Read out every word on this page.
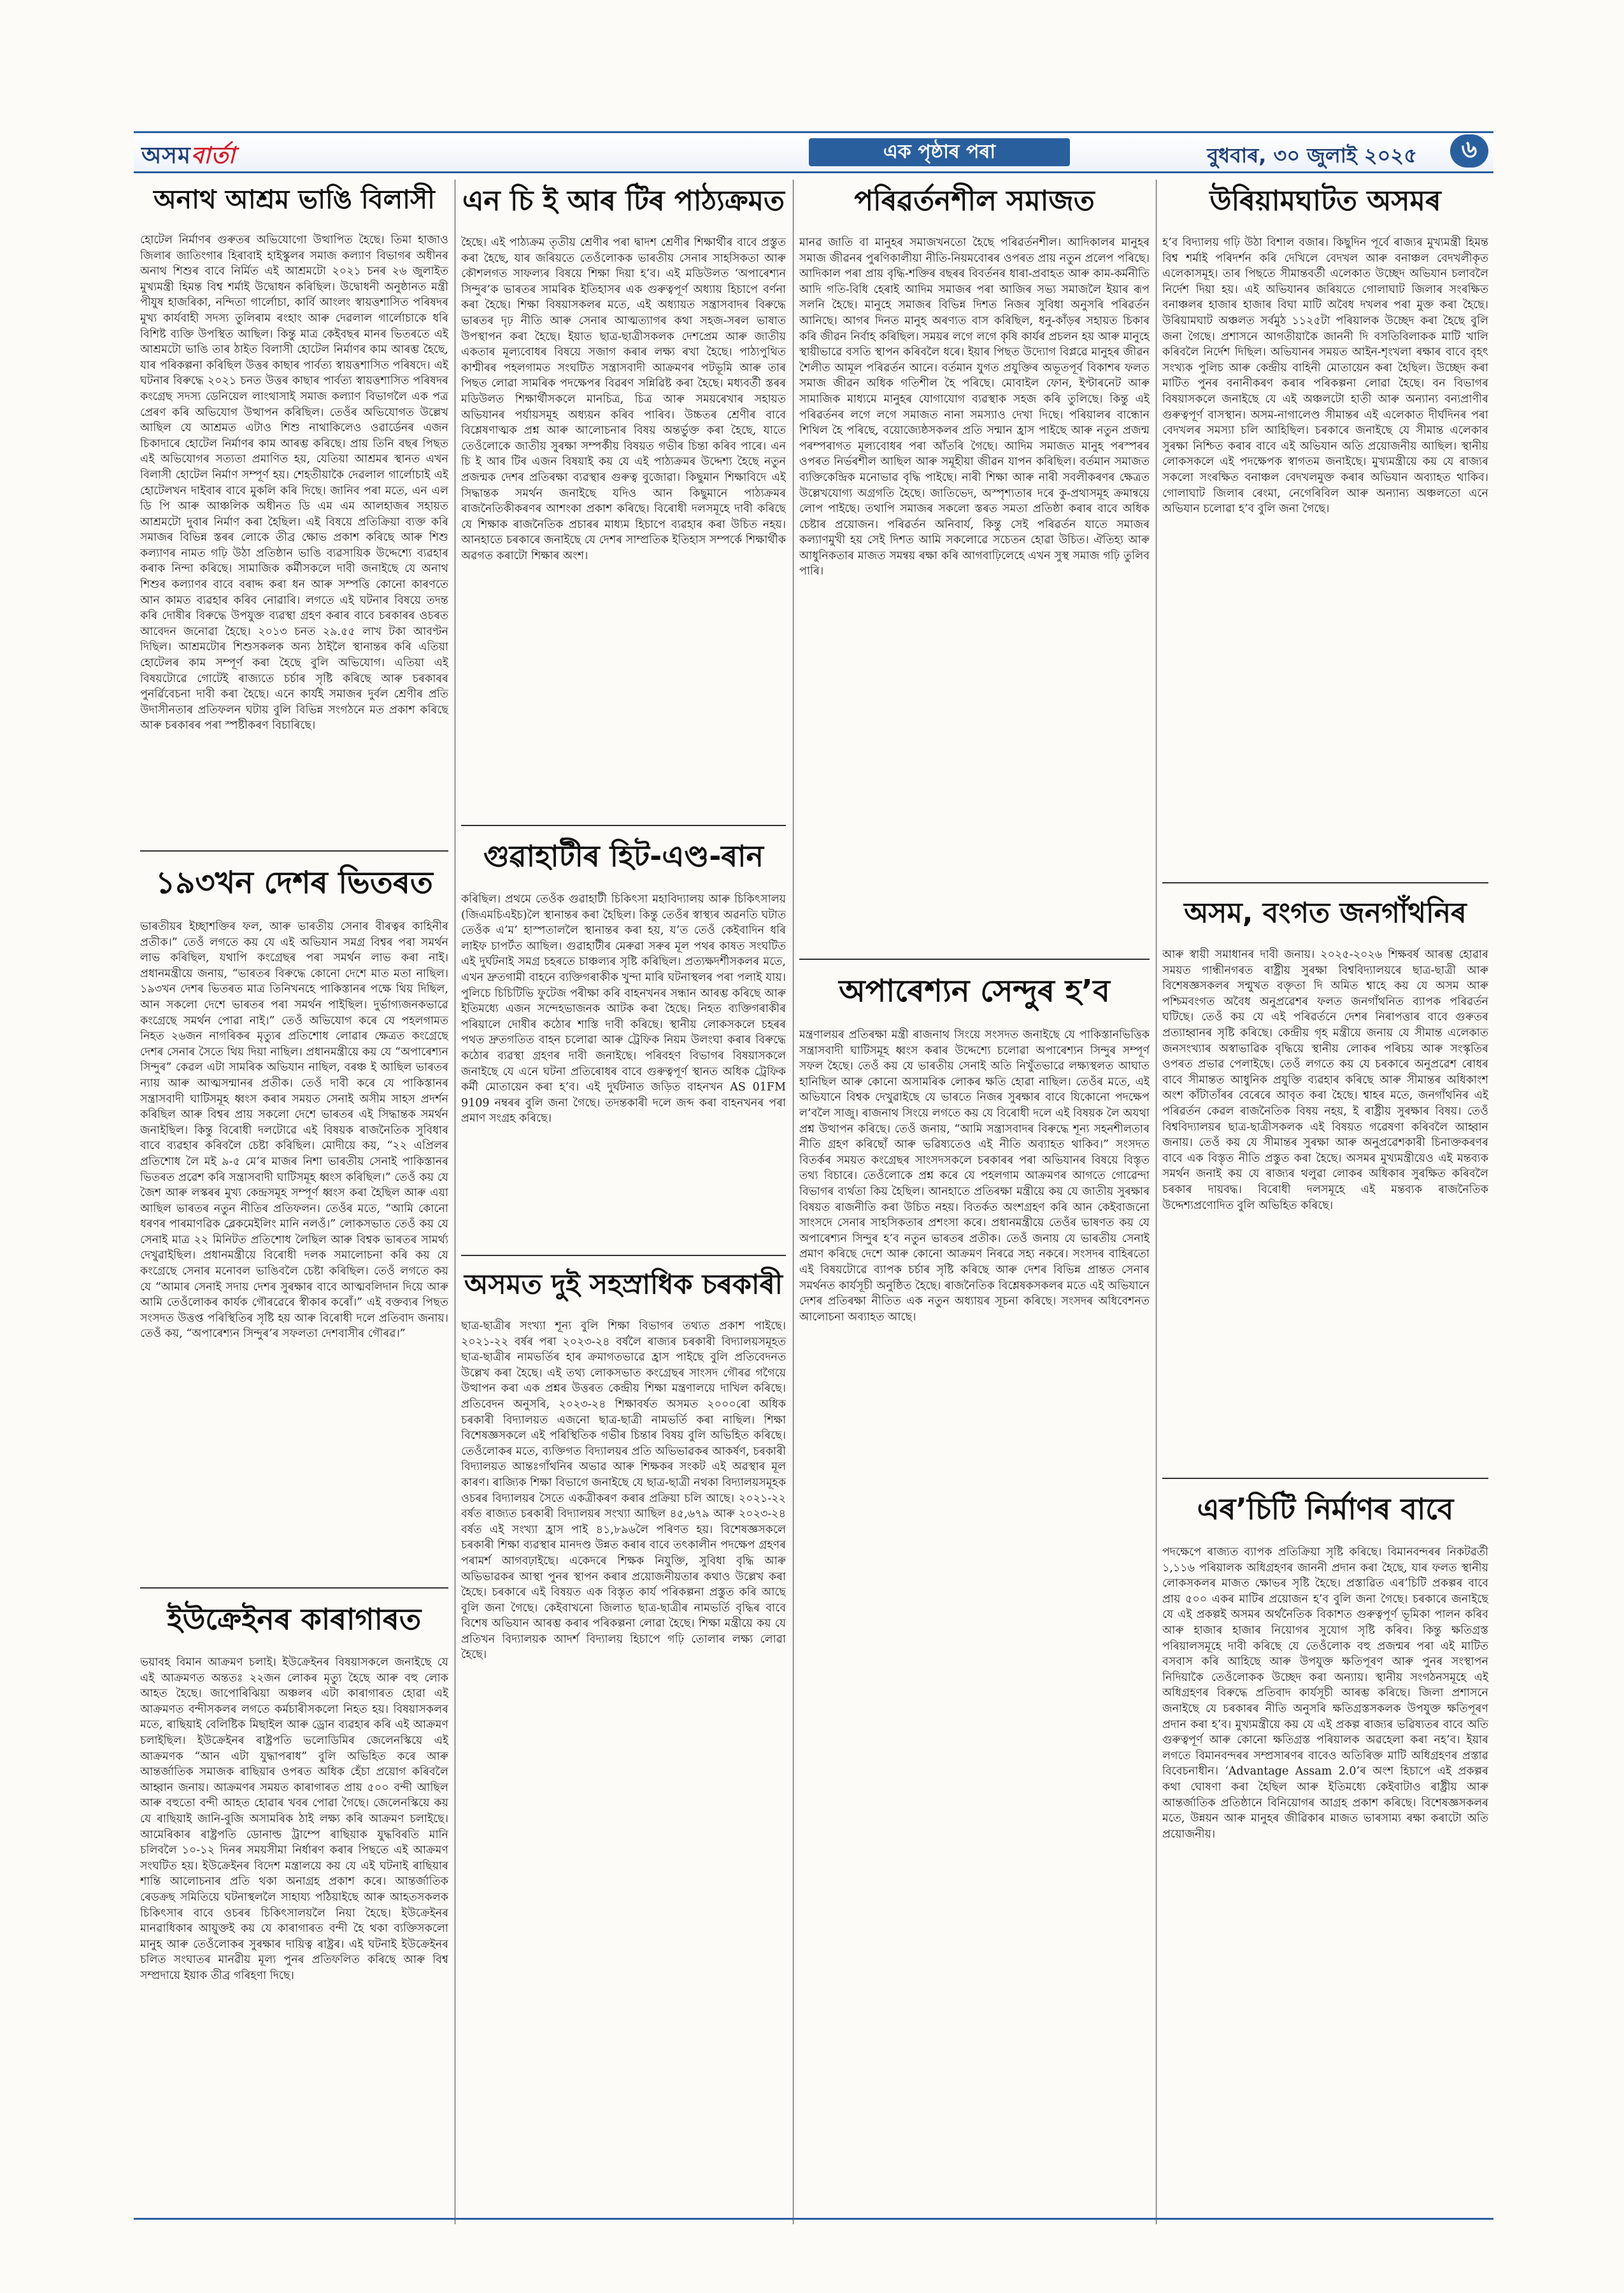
অসমবার্তা	এক পৃষ্ঠাৰ পৰা	বুধবাৰ, ৩০ জুলাই ২০২৫	৬
অনাথ আশ্ৰম ভাঙি বিলাসী
হোটেল নিৰ্মাণৰ গুৰুতৰ অভিযোগো উত্থাপিত হৈছে। তিমা হাজাও জিলাৰ জাতিংগাৰ হিৰাবাই হাইস্কুলৰ সমাজ কল্যাণ বিভাগৰ অধীনৰ অনাথ শিশুৰ বাবে নিৰ্মিত এই আশ্ৰমটো ২০২১ চনৰ ২৬ জুলাইত মুখ্যমন্ত্ৰী হিমন্ত বিশ্ব শৰ্মাই উদ্বোধন কৰিছিল। উদ্বোধনী অনুষ্ঠানত মন্ত্ৰী পীযুষ হাজৰিকা, নন্দিতা গাৰ্লোচা, কাৰ্বি আংলং স্বায়ত্তশাসিত পৰিষদৰ মুখ্য কাৰ্যবাহী সদস্য তুলিৰাম ৰংহাং আৰু দেৱলাল গাৰ্লোচাকে ধৰি বিশিষ্ট ব্যক্তি উপস্থিত আছিল। কিন্তু মাত্ৰ কেইবছৰ মানৰ ভিতৰতে এই আশ্ৰমটো ভাঙি তাৰ ঠাইত বিলাসী হোটেল নিৰ্মাণৰ কাম আৰম্ভ হৈছে, যাৰ পৰিকল্পনা কৰিছিল উত্তৰ কাছাৰ পাৰ্বত্য স্বায়ত্তশাসিত পৰিষদে। এই ঘটনাৰ বিৰুদ্ধে ২০২১ চনত উত্তৰ কাছাৰ পাৰ্বত্য স্বায়ত্তশাসিত পৰিষদৰ কংগ্ৰেছ সদস্য ডেনিয়েল লাংথাসাই সমাজ কল্যাণ বিভাগলৈ এক পত্ৰ প্ৰেৰণ কৰি অভিযোগ উত্থাপন কৰিছিল। তেওঁৰ অভিযোগত উল্লেখ আছিল যে আশ্ৰমত এটাও শিশু নাথাকিলেও ওৱাৰ্ডেনৰ এজন চিকাদাৰে হোটেল নিৰ্মাণৰ কাম আৰম্ভ কৰিছে। প্ৰায় তিনি বছৰ পিছত এই অভিযোগৰ সত্যতা প্ৰমাণিত হয়, যেতিয়া আশ্ৰমৰ স্থানত এখন বিলাসী হোটেল নিৰ্মাণ সম্পূৰ্ণ হয়। শেহতীয়াকৈ দেৱলাল গাৰ্লোচাই এই হোটেলখন দাইবাৰ বাবে মুকলি কৰি দিছে। জানিব পৰা মতে, এন এল ডি পি আৰু আঞ্চলিক অধীনত ডি এম এম আলহাজৰ সহায়ত আশ্ৰমটো দুবাৰ নিৰ্মাণ কৰা হৈছিল। এই বিষয়ে প্ৰতিক্ৰিয়া ব্যক্ত কৰি সমাজৰ বিভিন্ন স্তৰৰ লোকে তীব্ৰ ক্ষোভ প্ৰকাশ কৰিছে আৰু শিশু কল্যাণৰ নামত গঢ়ি উঠা প্ৰতিষ্ঠান ভাঙি ব্যৱসায়িক উদ্দেশ্যে ব্যৱহাৰ কৰাক নিন্দা কৰিছে। সামাজিক কৰ্মীসকলে দাবী জনাইছে যে অনাথ শিশুৰ কল্যাণৰ বাবে বৰাদ্দ কৰা ধন আৰু সম্পত্তি কোনো কাৰণতে আন কামত ব্যৱহাৰ কৰিব নোৱাৰি। লগতে এই ঘটনাৰ বিষয়ে তদন্ত কৰি দোষীৰ বিৰুদ্ধে উপযুক্ত ব্যৱস্থা গ্ৰহণ কৰাৰ বাবে চৰকাৰৰ ওচৰত আবেদন জনোৱা হৈছে। ২০১৩ চনত ২৯.৫৫ লাখ টকা আবণ্টন দিছিল। আশ্ৰমটোৰ শিশুসকলক অন্য ঠাইলৈ স্থানান্তৰ কৰি এতিয়া হোটেলৰ কাম সম্পূৰ্ণ কৰা হৈছে বুলি অভিযোগ। এতিয়া এই বিষয়টোৱে গোটেই ৰাজ্যতে চৰ্চাৰ সৃষ্টি কৰিছে আৰু চৰকাৰৰ পুনৰ্ৱিবেচনা দাবী কৰা হৈছে। এনে কাৰ্যই সমাজৰ দুৰ্বল শ্ৰেণীৰ প্ৰতি উদাসীনতাৰ প্ৰতিফলন ঘটায় বুলি বিভিন্ন সংগঠনে মত প্ৰকাশ কৰিছে আৰু চৰকাৰৰ পৰা স্পষ্টীকৰণ বিচাৰিছে।
১৯৩খন দেশৰ ভিতৰত
ভাৰতীয়ৰ ইচ্ছাশক্তিৰ ফল, আৰু ভাৰতীয় সেনাৰ বীৰত্বৰ কাহিনীৰ প্ৰতীক।” তেওঁ লগতে কয় যে এই অভিযান সমগ্ৰ বিশ্বৰ পৰা সমৰ্থন লাভ কৰিছিল, যথাপি কংগ্ৰেছৰ পৰা সমৰ্থন লাভ কৰা নাই। প্ৰধানমন্ত্ৰীয়ে জনায়, “ভাৰতৰ বিৰুদ্ধে কোনো দেশে মাত মতা নাছিল। ১৯৩খন দেশৰ ভিতৰত মাত্ৰ তিনিখনহে পাকিস্তানৰ পক্ষে থিয় দিছিল, আন সকলো দেশে ভাৰতৰ পৰা সমৰ্থন পাইছিল। দুৰ্ভাগ্যজনকভাৱে কংগ্ৰেছে সমৰ্থন পোৱা নাই।” তেওঁ অভিযোগ কৰে যে পহলগামত নিহত ২৬জন নাগৰিকৰ মৃত্যুৰ প্ৰতিশোধ লোৱাৰ ক্ষেত্ৰত কংগ্ৰেছে দেশৰ সেনাৰ সৈতে থিয় দিয়া নাছিল। প্ৰধানমন্ত্ৰীয়ে কয় যে “অপাৰেশ্যন সিন্দুৰ” কেৱল এটা সামৰিক অভিযান নাছিল, বৰঞ্চ ই আছিল ভাৰতৰ ন্যায় আৰু আত্মসন্মানৰ প্ৰতীক। তেওঁ দাবী কৰে যে পাকিস্তানৰ সন্ত্ৰাসবাদী ঘাটিসমূহ ধ্বংস কৰাৰ সময়ত সেনাই অসীম সাহস প্ৰদৰ্শন কৰিছিল আৰু বিশ্বৰ প্ৰায় সকলো দেশে ভাৰতৰ এই সিদ্ধান্তক সমৰ্থন জনাইছিল। কিন্তু বিৰোধী দলটোৱে এই বিষয়ক ৰাজনৈতিক সুবিধাৰ বাবে ব্যৱহাৰ কৰিবলৈ চেষ্টা কৰিছিল। মোদীয়ে কয়, “২২ এপ্ৰিলৰ প্ৰতিশোধ লৈ মই ৯-৫ মে’ৰ মাজৰ নিশা ভাৰতীয় সেনাই পাকিস্তানৰ ভিতৰত প্ৰৱেশ কৰি সন্ত্ৰাসবাদী ঘাটিসমূহ ধ্বংস কৰিছিল।” তেওঁ কয় যে জৈশ আৰু লস্কৰৰ মুখ্য কেন্দ্ৰসমূহ সম্পূৰ্ণ ধ্বংস কৰা হৈছিল আৰু এয়া আছিল ভাৰতৰ নতুন নীতিৰ প্ৰতিফলন। তেওঁৰ মতে, “আমি কোনো ধৰণৰ পাৰমাণৱিক ব্লেকমেইলিং মানি নলওঁ।” লোকসভাত তেওঁ কয় যে সেনাই মাত্ৰ ২২ মিনিটত প্ৰতিশোধ লৈছিল আৰু বিশ্বক ভাৰতৰ সামৰ্থ্য দেখুৱাইছিল। প্ৰধানমন্ত্ৰীয়ে বিৰোধী দলক সমালোচনা কৰি কয় যে কংগ্ৰেছে সেনাৰ মনোবল ভাঙিবলৈ চেষ্টা কৰিছিল। তেওঁ লগতে কয় যে “আমাৰ সেনাই সদায় দেশৰ সুৰক্ষাৰ বাবে আত্মবলিদান দিয়ে আৰু আমি তেওঁলোকৰ কাৰ্যক গৌৰৱেৰে স্বীকাৰ কৰোঁ।” এই বক্তব্যৰ পিছত সংসদত উত্তপ্ত পৰিস্থিতিৰ সৃষ্টি হয় আৰু বিৰোধী দলে প্ৰতিবাদ জনায়। তেওঁ কয়, “অপাৰেশ্যন সিন্দুৰ’ৰ সফলতা দেশবাসীৰ গৌৰৱ।”
ইউক্ৰেইনৰ কাৰাগাৰত
ভয়াবহ বিমান আক্ৰমণ চলাই। ইউক্ৰেইনৰ বিষয়াসকলে জনাইছে যে এই আক্ৰমণত অন্ততঃ ২২জন লোকৰ মৃত্যু হৈছে আৰু বহু লোক আহত হৈছে। জাপোৰিঝিয়া অঞ্চলৰ এটা কাৰাগাৰত হোৱা এই আক্ৰমণত বন্দীসকলৰ লগতে কৰ্মচাৰীসকলো নিহত হয়। বিষয়াসকলৰ মতে, ৰাছিয়াই বেলিষ্টিক মিছাইল আৰু ড্ৰোন ব্যৱহাৰ কৰি এই আক্ৰমণ চলাইছিল। ইউক্ৰেইনৰ ৰাষ্ট্ৰপতি ভলোডিমিৰ জেলেনস্কিয়ে এই আক্ৰমণক “আন এটা যুদ্ধাপৰাধ” বুলি অভিহিত কৰে আৰু আন্তৰ্জাতিক সমাজক ৰাছিয়াৰ ওপৰত অধিক হেঁচা প্ৰয়োগ কৰিবলৈ আহ্বান জনায়। আক্ৰমণৰ সময়ত কাৰাগাৰত প্ৰায় ৫০০ বন্দী আছিল আৰু বহুতো বন্দী আহত হোৱাৰ খবৰ পোৱা গৈছে। জেলেনস্কিয়ে কয় যে ৰাছিয়াই জানি-বুজি অসামৰিক ঠাই লক্ষ্য কৰি আক্ৰমণ চলাইছে। আমেৰিকাৰ ৰাষ্ট্ৰপতি ডোনাল্ড ট্ৰাম্পে ৰাছিয়াক যুদ্ধবিৰতি মানি চলিবলৈ ১০-১২ দিনৰ সময়সীমা নিৰ্ধাৰণ কৰাৰ পিছতে এই আক্ৰমণ সংঘটিত হয়। ইউক্ৰেইনৰ বিদেশ মন্ত্ৰালয়ে কয় যে এই ঘটনাই ৰাছিয়াৰ শান্তি আলোচনাৰ প্ৰতি থকা অনাগ্ৰহ প্ৰকাশ কৰে। আন্তৰ্জাতিক ৰেডক্ৰছ সমিতিয়ে ঘটনাস্থললৈ সাহায্য পঠিয়াইছে আৰু আহতসকলক চিকিৎসাৰ বাবে ওচৰৰ চিকিৎসালয়লৈ নিয়া হৈছে। ইউক্ৰেইনৰ মানৱাধিকাৰ আয়ুক্তই কয় যে কাৰাগাৰত বন্দী হৈ থকা ব্যক্তিসকলো মানুহ আৰু তেওঁলোকৰ সুৰক্ষাৰ দায়িত্ব ৰাষ্ট্ৰৰ। এই ঘটনাই ইউক্ৰেইনৰ চলিত সংঘাতৰ মানৱীয় মূল্য পুনৰ প্ৰতিফলিত কৰিছে আৰু বিশ্ব সম্প্ৰদায়ে ইয়াক তীব্ৰ গৰিহণা দিছে।
এন চি ই আৰ টিৰ পাঠ্যক্ৰমত
হৈছে। এই পাঠ্যক্ৰম তৃতীয় শ্ৰেণীৰ পৰা দ্বাদশ শ্ৰেণীৰ শিক্ষাৰ্থীৰ বাবে প্ৰস্তুত কৰা হৈছে, যাৰ জৰিয়তে তেওঁলোকক ভাৰতীয় সেনাৰ সাহসিকতা আৰু কৌশলগত সাফল্যৰ বিষয়ে শিক্ষা দিয়া হ’ব। এই মডিউলত ‘অপাৰেশ্যন সিন্দুৰ’ক ভাৰতৰ সামৰিক ইতিহাসৰ এক গুৰুত্বপূৰ্ণ অধ্যায় হিচাপে বৰ্ণনা কৰা হৈছে। শিক্ষা বিষয়াসকলৰ মতে, এই অধ্যায়ত সন্ত্ৰাসবাদৰ বিৰুদ্ধে ভাৰতৰ দৃঢ় নীতি আৰু সেনাৰ আত্মত্যাগৰ কথা সহজ-সৰল ভাষাত উপস্থাপন কৰা হৈছে। ইয়াত ছাত্ৰ-ছাত্ৰীসকলক দেশপ্ৰেম আৰু জাতীয় একতাৰ মূল্যবোধৰ বিষয়ে সজাগ কৰাৰ লক্ষ্য ৰখা হৈছে। পাঠ্যপুথিত কাশ্মীৰৰ পহলগামত সংঘটিত সন্ত্ৰাসবাদী আক্ৰমণৰ পটভূমি আৰু তাৰ পিছত লোৱা সামৰিক পদক্ষেপৰ বিৱৰণ সন্নিৱিষ্ট কৰা হৈছে। মধ্যবৰ্তী স্তৰৰ মডিউলত শিক্ষাৰ্থীসকলে মানচিত্ৰ, চিত্ৰ আৰু সময়ৰেখাৰ সহায়ত অভিযানৰ পৰ্যায়সমূহ অধ্যয়ন কৰিব পাৰিব। উচ্চতৰ শ্ৰেণীৰ বাবে বিশ্লেষণাত্মক প্ৰশ্ন আৰু আলোচনাৰ বিষয় অন্তৰ্ভুক্ত কৰা হৈছে, যাতে তেওঁলোকে জাতীয় সুৰক্ষা সম্পৰ্কীয় বিষয়ত গভীৰ চিন্তা কৰিব পাৰে। এন চি ই আৰ টিৰ এজন বিষয়াই কয় যে এই পাঠ্যক্ৰমৰ উদ্দেশ্য হৈছে নতুন প্ৰজন্মক দেশৰ প্ৰতিৰক্ষা ব্যৱস্থাৰ গুৰুত্ব বুজোৱা। কিছুমান শিক্ষাবিদে এই সিদ্ধান্তক সমৰ্থন জনাইছে যদিও আন কিছুমানে পাঠ্যক্ৰমৰ ৰাজনৈতিকীকৰণৰ আশংকা প্ৰকাশ কৰিছে। বিৰোধী দলসমূহে দাবী কৰিছে যে শিক্ষাক ৰাজনৈতিক প্ৰচাৰৰ মাধ্যম হিচাপে ব্যৱহাৰ কৰা উচিত নহয়। আনহাতে চৰকাৰে জনাইছে যে দেশৰ সাম্প্ৰতিক ইতিহাস সম্পৰ্কে শিক্ষাৰ্থীক অৱগত কৰাটো শিক্ষাৰ অংশ।
গুৱাহাটীৰ হিট-এণ্ড-ৰান
কৰিছিল। প্ৰথমে তেওঁক গুৱাহাটী চিকিৎসা মহাবিদ্যালয় আৰু চিকিৎসালয় (জিএমচিএইচ)লৈ স্থানান্তৰ কৰা হৈছিল। কিন্তু তেওঁৰ স্বাস্থ্যৰ অৱনতি ঘটাত তেওঁক এ’ম’ হাস্পতাললৈ স্থানান্তৰ কৰা হয়, য’ত তেওঁ কেইবাদিন ধৰি লাইফ চাপৰ্টত আছিল। গুৱাহাটীৰ মেৰুৱা সৰুৰ মূল পথৰ কাষত সংঘটিত এই দুৰ্ঘটনাই সমগ্ৰ চহৰতে চাঞ্চল্যৰ সৃষ্টি কৰিছিল। প্ৰত্যক্ষদৰ্শীসকলৰ মতে, এখন দ্ৰুতগামী বাহনে ব্যক্তিগৰাকীক খুন্দা মাৰি ঘটনাস্থলৰ পৰা পলাই যায়। পুলিচে চিচিটিভি ফুটেজ পৰীক্ষা কৰি বাহনখনৰ সন্ধান আৰম্ভ কৰিছে আৰু ইতিমধ্যে এজন সন্দেহভাজনক আটক কৰা হৈছে। নিহত ব্যক্তিগৰাকীৰ পৰিয়ালে দোষীৰ কঠোৰ শাস্তি দাবী কৰিছে। স্থানীয় লোকসকলে চহৰৰ পথত দ্ৰুতগতিত বাহন চলোৱা আৰু ট্ৰেফিক নিয়ম উলংঘা কৰাৰ বিৰুদ্ধে কঠোৰ ব্যৱস্থা গ্ৰহণৰ দাবী জনাইছে। পৰিবহণ বিভাগৰ বিষয়াসকলে জনাইছে যে এনে ঘটনা প্ৰতিৰোধৰ বাবে গুৰুত্বপূৰ্ণ স্থানত অধিক ট্ৰেফিক কৰ্মী মোতায়েন কৰা হ’ব। এই দুৰ্ঘটনাত জড়িত বাহনখন AS 01FM 9109 নম্বৰৰ বুলি জনা গৈছে। তদন্তকাৰী দলে জব্দ কৰা বাহনখনৰ পৰা প্ৰমাণ সংগ্ৰহ কৰিছে।
অসমত দুই সহস্ৰাধিক চৰকাৰী
ছাত্ৰ-ছাত্ৰীৰ সংখ্যা শূন্য বুলি শিক্ষা বিভাগৰ তথ্যত প্ৰকাশ পাইছে। ২০২১-২২ বৰ্ষৰ পৰা ২০২৩-২৪ বৰ্ষলৈ ৰাজ্যৰ চৰকাৰী বিদ্যালয়সমূহত ছাত্ৰ-ছাত্ৰীৰ নামভৰ্তিৰ হাৰ ক্ৰমাগতভাৱে হ্ৰাস পাইছে বুলি প্ৰতিবেদনত উল্লেখ কৰা হৈছে। এই তথ্য লোকসভাত কংগ্ৰেছৰ সাংসদ গৌৰৱ গগৈয়ে উত্থাপন কৰা এক প্ৰশ্নৰ উত্তৰত কেন্দ্ৰীয় শিক্ষা মন্ত্ৰণালয়ে দাখিল কৰিছে। প্ৰতিবেদন অনুসৰি, ২০২৩-২৪ শিক্ষাবৰ্ষত অসমত ২০০০ৰো অধিক চৰকাৰী বিদ্যালয়ত এজনো ছাত্ৰ-ছাত্ৰী নামভৰ্তি কৰা নাছিল। শিক্ষা বিশেষজ্ঞসকলে এই পৰিস্থিতিক গভীৰ চিন্তাৰ বিষয় বুলি অভিহিত কৰিছে। তেওঁলোকৰ মতে, ব্যক্তিগত বিদ্যালয়ৰ প্ৰতি অভিভাৱকৰ আকৰ্ষণ, চৰকাৰী বিদ্যালয়ত আন্তঃগাঁথনিৰ অভাৱ আৰু শিক্ষকৰ সংকট এই অৱস্থাৰ মূল কাৰণ। ৰাজ্যিক শিক্ষা বিভাগে জনাইছে যে ছাত্ৰ-ছাত্ৰী নথকা বিদ্যালয়সমূহক ওচৰৰ বিদ্যালয়ৰ সৈতে একত্ৰীকৰণ কৰাৰ প্ৰক্ৰিয়া চলি আছে। ২০২১-২২ বৰ্ষত ৰাজ্যত চৰকাৰী বিদ্যালয়ৰ সংখ্যা আছিল ৪৫,৬৭৯ আৰু ২০২৩-২৪ বৰ্ষত এই সংখ্যা হ্ৰাস পাই ৪১,৮৯৬লৈ পৰিণত হয়। বিশেষজ্ঞসকলে চৰকাৰী শিক্ষা ব্যৱস্থাৰ মানদণ্ড উন্নত কৰাৰ বাবে তৎকালীন পদক্ষেপ গ্ৰহণৰ পৰামৰ্শ আগবঢ়াইছে। একেদৰে শিক্ষক নিযুক্তি, সুবিধা বৃদ্ধি আৰু অভিভাৱকৰ আস্থা পুনৰ স্থাপন কৰাৰ প্ৰয়োজনীয়তাৰ কথাও উল্লেখ কৰা হৈছে। চৰকাৰে এই বিষয়ত এক বিস্তৃত কাৰ্য পৰিকল্পনা প্ৰস্তুত কৰি আছে বুলি জনা গৈছে। কেইবাখনো জিলাত ছাত্ৰ-ছাত্ৰীৰ নামভৰ্তি বৃদ্ধিৰ বাবে বিশেষ অভিযান আৰম্ভ কৰাৰ পৰিকল্পনা লোৱা হৈছে। শিক্ষা মন্ত্ৰীয়ে কয় যে প্ৰতিখন বিদ্যালয়ক আদৰ্শ বিদ্যালয় হিচাপে গঢ়ি তোলাৰ লক্ষ্য লোৱা হৈছে।
পৰিৱৰ্তনশীল সমাজত
মানৱ জাতি বা মানুহৰ সমাজখনতো হৈছে পৰিৱৰ্তনশীল। আদিকালৰ মানুহৰ সমাজ জীৱনৰ পুৰণিকালীয়া নীতি-নিয়মবোৰৰ ওপৰত প্ৰায় নতুন প্ৰলেপ পৰিছে। আদিকাল পৰা প্ৰায় বৃদ্ধি-শক্তিৰ বছৰৰ বিবৰ্তনৰ ধাৰা-প্ৰবাহত আৰু কাম-কৰ্মনীতি আদি গতি-বিধি হেৰাই আদিম সমাজৰ পৰা আজিৰ সভ্য সমাজলৈ ইয়াৰ ৰূপ সলনি হৈছে। মানুহে সমাজৰ বিভিন্ন দিশত নিজৰ সুবিধা অনুসৰি পৰিৱৰ্তন আনিছে। আগৰ দিনত মানুহ অৰণ্যত বাস কৰিছিল, ধনু-কাঁড়ৰ সহায়ত চিকাৰ কৰি জীৱন নিৰ্বাহ কৰিছিল। সময়ৰ লগে লগে কৃষি কাৰ্যৰ প্ৰচলন হয় আৰু মানুহে স্থায়ীভাৱে বসতি স্থাপন কৰিবলৈ ধৰে। ইয়াৰ পিছত উদ্যোগ বিপ্লৱে মানুহৰ জীৱন শৈলীত আমূল পৰিৱৰ্তন আনে। বৰ্তমান যুগত প্ৰযুক্তিৰ অভূতপূৰ্ব বিকাশৰ ফলত সমাজ জীৱন অধিক গতিশীল হৈ পৰিছে। মোবাইল ফোন, ইণ্টাৰনেট আৰু সামাজিক মাধ্যমে মানুহৰ যোগাযোগ ব্যৱস্থাক সহজ কৰি তুলিছে। কিন্তু এই পৰিৱৰ্তনৰ লগে লগে সমাজত নানা সমস্যাও দেখা দিছে। পৰিয়ালৰ বান্ধোন শিথিল হৈ পৰিছে, বয়োজ্যেষ্ঠসকলৰ প্ৰতি সন্মান হ্ৰাস পাইছে আৰু নতুন প্ৰজন্ম পৰম্পৰাগত মূল্যবোধৰ পৰা আঁতৰি গৈছে। আদিম সমাজত মানুহ পৰস্পৰৰ ওপৰত নিৰ্ভৰশীল আছিল আৰু সমূহীয়া জীৱন যাপন কৰিছিল। বৰ্তমান সমাজত ব্যক্তিকেন্দ্ৰিক মনোভাৱ বৃদ্ধি পাইছে। নাৰী শিক্ষা আৰু নাৰী সবলীকৰণৰ ক্ষেত্ৰত উল্লেখযোগ্য অগ্ৰগতি হৈছে। জাতিভেদ, অস্পৃশ্যতাৰ দৰে কু-প্ৰথাসমূহ ক্ৰমান্বয়ে লোপ পাইছে। তথাপি সমাজৰ সকলো স্তৰত সমতা প্ৰতিষ্ঠা কৰাৰ বাবে অধিক চেষ্টাৰ প্ৰয়োজন। পৰিৱৰ্তন অনিবাৰ্য, কিন্তু সেই পৰিৱৰ্তন যাতে সমাজৰ কল্যাণমুখী হয় সেই দিশত আমি সকলোৱে সচেতন হোৱা উচিত। ঐতিহ্য আৰু আধুনিকতাৰ মাজত সমন্বয় ৰক্ষা কৰি আগবাঢ়িলেহে এখন সুস্থ সমাজ গঢ়ি তুলিব পাৰি।
অপাৰেশ্যন সেন্দুৰ হ’ব
মন্ত্ৰণালয়ৰ প্ৰতিৰক্ষা মন্ত্ৰী ৰাজনাথ সিংয়ে সংসদত জনাইছে যে পাকিস্তানভিত্তিক সন্ত্ৰাসবাদী ঘাটিসমূহ ধ্বংস কৰাৰ উদ্দেশ্যে চলোৱা অপাৰেশ্যন সিন্দুৰ সম্পূৰ্ণ সফল হৈছে। তেওঁ কয় যে ভাৰতীয় সেনাই অতি নিখুঁতভাৱে লক্ষ্যস্থলত আঘাত হানিছিল আৰু কোনো অসামৰিক লোকৰ ক্ষতি হোৱা নাছিল। তেওঁৰ মতে, এই অভিযানে বিশ্বক দেখুৱাইছে যে ভাৰতে নিজৰ সুৰক্ষাৰ বাবে যিকোনো পদক্ষেপ ল’বলৈ সাজু। ৰাজনাথ সিংয়ে লগতে কয় যে বিৰোধী দলে এই বিষয়ক লৈ অযথা প্ৰশ্ন উত্থাপন কৰিছে। তেওঁ জনায়, “আমি সন্ত্ৰাসবাদৰ বিৰুদ্ধে শূন্য সহনশীলতাৰ নীতি গ্ৰহণ কৰিছোঁ আৰু ভৱিষ্যতেও এই নীতি অব্যাহত থাকিব।” সংসদত বিতৰ্কৰ সময়ত কংগ্ৰেছৰ সাংসদসকলে চৰকাৰৰ পৰা অভিযানৰ বিষয়ে বিস্তৃত তথ্য বিচাৰে। তেওঁলোকে প্ৰশ্ন কৰে যে পহলগাম আক্ৰমণৰ আগতে গোৱেন্দা বিভাগৰ ব্যৰ্থতা কিয় হৈছিল। আনহাতে প্ৰতিৰক্ষা মন্ত্ৰীয়ে কয় যে জাতীয় সুৰক্ষাৰ বিষয়ত ৰাজনীতি কৰা উচিত নহয়। বিতৰ্কত অংশগ্ৰহণ কৰি আন কেইবাজনো সাংসদে সেনাৰ সাহসিকতাৰ প্ৰশংসা কৰে। প্ৰধানমন্ত্ৰীয়ে তেওঁৰ ভাষণত কয় যে অপাৰেশ্যন সিন্দুৰ হ’ব নতুন ভাৰতৰ প্ৰতীক। তেওঁ জনায় যে ভাৰতীয় সেনাই প্ৰমাণ কৰিছে দেশে আৰু কোনো আক্ৰমণ নিৰৱে সহ্য নকৰে। সংসদৰ বাহিৰতো এই বিষয়টোৱে ব্যাপক চৰ্চাৰ সৃষ্টি কৰিছে আৰু দেশৰ বিভিন্ন প্ৰান্তত সেনাৰ সমৰ্থনত কাৰ্যসূচী অনুষ্ঠিত হৈছে। ৰাজনৈতিক বিশ্লেষকসকলৰ মতে এই অভিযানে দেশৰ প্ৰতিৰক্ষা নীতিত এক নতুন অধ্যায়ৰ সূচনা কৰিছে। সংসদৰ অধিবেশনত আলোচনা অব্যাহত আছে।
উৰিয়ামঘাটত অসমৰ
হ’ব বিদ্যালয় গঢ়ি উঠা বিশাল বজাৰ। কিছুদিন পূৰ্বে ৰাজ্যৰ মুখ্যমন্ত্ৰী হিমন্ত বিশ্ব শৰ্মাই পৰিদৰ্শন কৰি দেখিলে বেদখল আৰু বনাঞ্চল বেদখলীকৃত এলেকাসমূহ। তাৰ পিছতে সীমান্তবৰ্তী এলেকাত উচ্ছেদ অভিযান চলাবলৈ নিৰ্দেশ দিয়া হয়। এই অভিযানৰ জৰিয়তে গোলাঘাট জিলাৰ সংৰক্ষিত বনাঞ্চলৰ হাজাৰ হাজাৰ বিঘা মাটি অবৈধ দখলৰ পৰা মুক্ত কৰা হৈছে। উৰিয়ামঘাট অঞ্চলত সৰ্বমুঠ ১১২৫টা পৰিয়ালক উচ্ছেদ কৰা হৈছে বুলি জনা গৈছে। প্ৰশাসনে আগতীয়াকৈ জাননী দি বসতিবিলাকক মাটি খালি কৰিবলৈ নিৰ্দেশ দিছিল। অভিযানৰ সময়ত আইন-শৃংখলা ৰক্ষাৰ বাবে বৃহৎ সংখ্যক পুলিচ আৰু কেন্দ্ৰীয় বাহিনী মোতায়েন কৰা হৈছিল। উচ্ছেদ কৰা মাটিত পুনৰ বনানীকৰণ কৰাৰ পৰিকল্পনা লোৱা হৈছে। বন বিভাগৰ বিষয়াসকলে জনাইছে যে এই অঞ্চলটো হাতী আৰু অন্যান্য বন্যপ্ৰাণীৰ গুৰুত্বপূৰ্ণ বাসস্থান। অসম-নাগালেণ্ড সীমান্তৰ এই এলেকাত দীৰ্ঘদিনৰ পৰা বেদখলৰ সমস্যা চলি আহিছিল। চৰকাৰে জনাইছে যে সীমান্ত এলেকাৰ সুৰক্ষা নিশ্চিত কৰাৰ বাবে এই অভিযান অতি প্ৰয়োজনীয় আছিল। স্থানীয় লোকসকলে এই পদক্ষেপক স্বাগতম জনাইছে। মুখ্যমন্ত্ৰীয়ে কয় যে ৰাজ্যৰ সকলো সংৰক্ষিত বনাঞ্চল বেদখলমুক্ত কৰাৰ অভিযান অব্যাহত থাকিব। গোলাঘাট জিলাৰ ৰেংমা, নেগেৰিবিল আৰু অন্যান্য অঞ্চলতো এনে অভিযান চলোৱা হ’ব বুলি জনা গৈছে।
অসম, বংগত জনগাঁথনিৰ
আৰু স্বায়ী সমাধানৰ দাবী জনায়। ২০২৫-২০২৬ শিক্ষবৰ্ষ আৰম্ভ হোৱাৰ সময়ত গান্ধীনগৰত ৰাষ্ট্ৰীয় সুৰক্ষা বিশ্ববিদ্যালয়ৰে ছাত্ৰ-ছাত্ৰী আৰু বিশেষজ্ঞসকলৰ সন্মুখত বক্তৃতা দি অমিত শ্বাহে কয় যে অসম আৰু পশ্চিমবংগত অবৈধ অনুপ্ৰৱেশৰ ফলত জনগাঁথনিত ব্যাপক পৰিৱৰ্তন ঘটিছে। তেওঁ কয় যে এই পৰিৱৰ্তনে দেশৰ নিৰাপত্তাৰ বাবে গুৰুতৰ প্ৰত্যাহ্বানৰ সৃষ্টি কৰিছে। কেন্দ্ৰীয় গৃহ মন্ত্ৰীয়ে জনায় যে সীমান্ত এলেকাত জনসংখ্যাৰ অস্বাভাৱিক বৃদ্ধিয়ে স্থানীয় লোকৰ পৰিচয় আৰু সংস্কৃতিৰ ওপৰত প্ৰভাৱ পেলাইছে। তেওঁ লগতে কয় যে চৰকাৰে অনুপ্ৰৱেশ ৰোধৰ বাবে সীমান্তত আধুনিক প্ৰযুক্তি ব্যৱহাৰ কৰিছে আৰু সীমান্তৰ অধিকাংশ অংশ কাঁটাতাঁৰৰ বেৰেৰে আবৃত কৰা হৈছে। শ্বাহৰ মতে, জনগাঁথনিৰ এই পৰিৱৰ্তন কেৱল ৰাজনৈতিক বিষয় নহয়, ই ৰাষ্ট্ৰীয় সুৰক্ষাৰ বিষয়। তেওঁ বিশ্ববিদ্যালয়ৰ ছাত্ৰ-ছাত্ৰীসকলক এই বিষয়ত গৱেষণা কৰিবলৈ আহ্বান জনায়। তেওঁ কয় যে সীমান্তৰ সুৰক্ষা আৰু অনুপ্ৰৱেশকাৰী চিনাক্তকৰণৰ বাবে এক বিস্তৃত নীতি প্ৰস্তুত কৰা হৈছে। অসমৰ মুখ্যমন্ত্ৰীয়েও এই মন্তব্যক সমৰ্থন জনাই কয় যে ৰাজ্যৰ থলুৱা লোকৰ অধিকাৰ সুৰক্ষিত কৰিবলৈ চৰকাৰ দায়বদ্ধ। বিৰোধী দলসমূহে এই মন্তব্যক ৰাজনৈতিক উদ্দেশ্যপ্ৰণোদিত বুলি অভিহিত কৰিছে।
এৰ’চিটি নিৰ্মাণৰ বাবে
পদক্ষেপে ৰাজ্যত ব্যাপক প্ৰতিক্ৰিয়া সৃষ্টি কৰিছে। বিমানবন্দৰৰ নিকটৱৰ্তী ১,১১৬ পৰিয়ালক অধিগ্ৰহণৰ জাননী প্ৰদান কৰা হৈছে, যাৰ ফলত স্থানীয় লোকসকলৰ মাজত ক্ষোভৰ সৃষ্টি হৈছে। প্ৰস্তাৱিত এৰ’চিটি প্ৰকল্পৰ বাবে প্ৰায় ৫০০ একৰ মাটিৰ প্ৰয়োজন হ’ব বুলি জনা গৈছে। চৰকাৰে জনাইছে যে এই প্ৰকল্পই অসমৰ অৰ্থনৈতিক বিকাশত গুৰুত্বপূৰ্ণ ভূমিকা পালন কৰিব আৰু হাজাৰ হাজাৰ নিয়োগৰ সুযোগ সৃষ্টি কৰিব। কিন্তু ক্ষতিগ্ৰস্ত পৰিয়ালসমূহে দাবী কৰিছে যে তেওঁলোক বহু প্ৰজন্মৰ পৰা এই মাটিত বসবাস কৰি আহিছে আৰু উপযুক্ত ক্ষতিপূৰণ আৰু পুনৰ সংস্থাপন নিদিয়াকৈ তেওঁলোকক উচ্ছেদ কৰা অন্যায়। স্থানীয় সংগঠনসমূহে এই অধিগ্ৰহণৰ বিৰুদ্ধে প্ৰতিবাদ কাৰ্যসূচী আৰম্ভ কৰিছে। জিলা প্ৰশাসনে জনাইছে যে চৰকাৰৰ নীতি অনুসৰি ক্ষতিগ্ৰস্তসকলক উপযুক্ত ক্ষতিপূৰণ প্ৰদান কৰা হ’ব। মুখ্যমন্ত্ৰীয়ে কয় যে এই প্ৰকল্প ৰাজ্যৰ ভৱিষ্যতৰ বাবে অতি গুৰুত্বপূৰ্ণ আৰু কোনো ক্ষতিগ্ৰস্ত পৰিয়ালক অৱহেলা কৰা নহ’ব। ইয়াৰ লগতে বিমানবন্দৰৰ সম্প্ৰসাৰণৰ বাবেও অতিৰিক্ত মাটি অধিগ্ৰহণৰ প্ৰস্তাৱ বিবেচনাধীন। ‘Advantage Assam 2.0’ৰ অংশ হিচাপে এই প্ৰকল্পৰ কথা ঘোষণা কৰা হৈছিল আৰু ইতিমধ্যে কেইবাটাও ৰাষ্ট্ৰীয় আৰু আন্তৰ্জাতিক প্ৰতিষ্ঠানে বিনিয়োগৰ আগ্ৰহ প্ৰকাশ কৰিছে। বিশেষজ্ঞসকলৰ মতে, উন্নয়ন আৰু মানুহৰ জীৱিকাৰ মাজত ভাৰসাম্য ৰক্ষা কৰাটো অতি প্ৰয়োজনীয়।
